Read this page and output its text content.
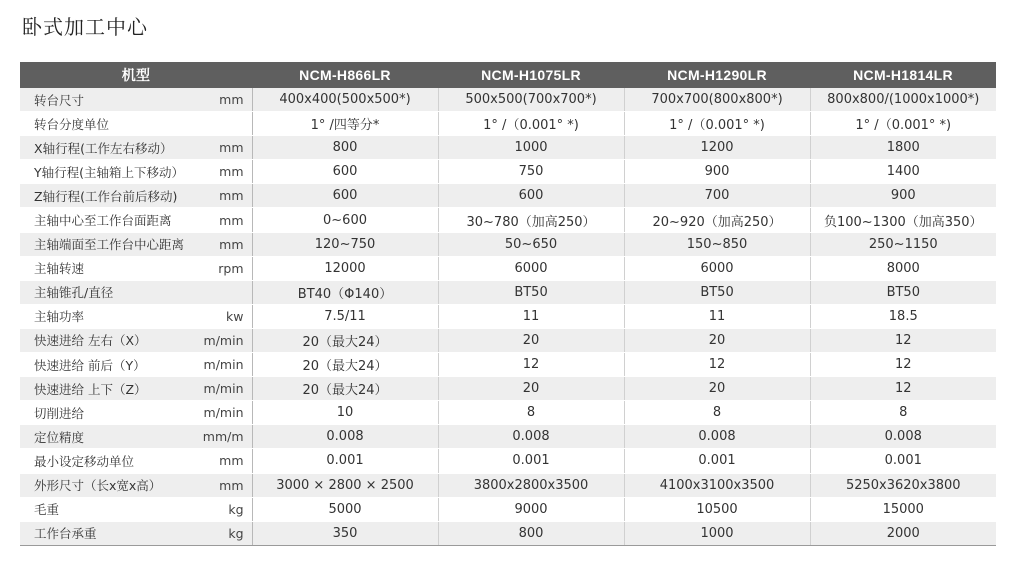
卧式加工中心
机型		NCM-H866LR	NCM-H1075LR	NCM-H1290LR	NCM-H1814LR
转台尺寸	mm	400x400(500x500*)	500x500(700x700*)	700x700(800x800*)	800x800/(1000x1000*)
转台分度单位		1° /四等分*	1° /（0.001° *)	1° /（0.001° *)	1° /（0.001° *)
X轴行程(工作左右移动）	mm	800	1000	1200	1800
Y轴行程(主轴箱上下移动）	mm	600	750	900	1400
Z轴行程(工作台前后移动)	mm	600	600	700	900
主轴中心至工作台面距离	mm	0~600	30~780（加高250）	20~920（加高250）	负100~1300（加高350）
主轴端面至工作台中心距离	mm	120~750	50~650	150~850	250~1150
主轴转速	rpm	12000	6000	6000	8000
主轴锥孔/直径		BT40（Φ140）	BT50	BT50	BT50
主轴功率	kw	7.5/11	11	11	18.5
快速进给 左右（X）	m/min	20（最大24）	20	20	12
快速进给 前后（Y）	m/min	20（最大24）	12	12	12
快速进给 上下（Z）	m/min	20（最大24）	20	20	12
切削进给	m/min	10	8	8	8
定位精度	mm/m	0.008	0.008	0.008	0.008
最小设定移动单位	mm	0.001	0.001	0.001	0.001
外形尺寸（长x宽x高）	mm	3000 × 2800 × 2500	3800x2800x3500	4100x3100x3500	5250x3620x3800
毛重	kg	5000	9000	10500	15000
工作台承重	kg	350	800	1000	2000
